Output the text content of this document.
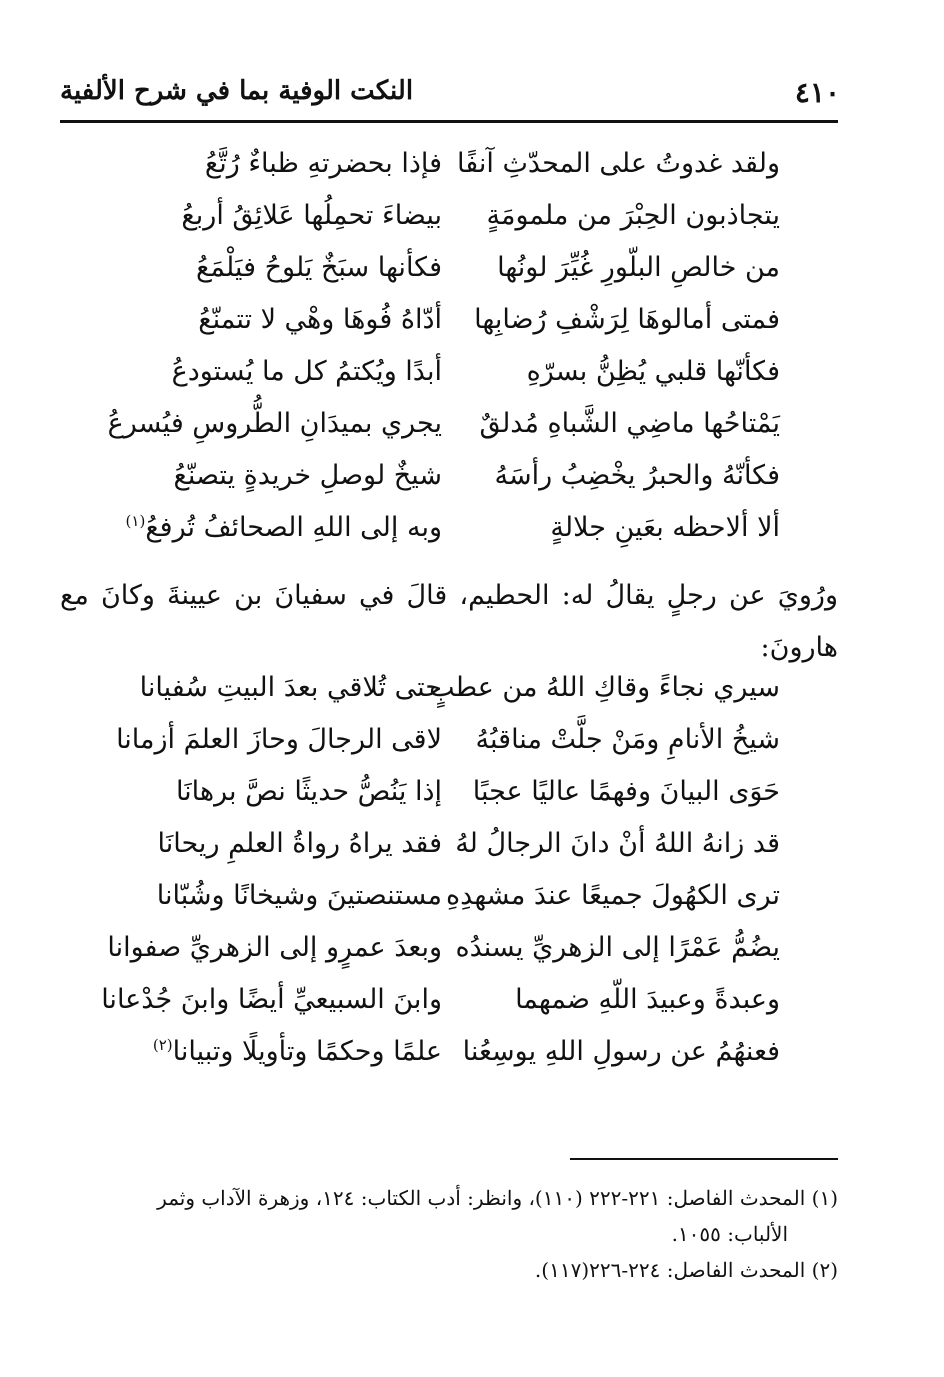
٤١٠
النكت الوفية بما في شرح الألفية
ولقد غدوتُ على المحدّثِ آنفًا
فإذا بحضرتهِ ظباءٌ رُتَّعُ
يتجاذبون الحِبْرَ من ملمومَةٍ
بيضاءَ تحمِلُها عَلائِقُ أربعُ
من خالصِ البلّورِ غُيِّرَ لونُها
فكأنها سبَخٌ يَلوحُ فيَلْمَعُ
فمتى أمالوهَا لِرَشْفِ رُضابِها
أدّاهُ فُوهَا وهْي لا تتمنّعُ
فكأنّها قلبي يُظِنُّ بسرّهِ
أبدًا ويُكتمُ كل ما يُستودعُ
يَمْتاحُها ماضِي الشَّباهِ مُدلقٌ
يجري بميدَانِ الطُّروسِ فيُسرعُ
فكأنّهُ والحبرُ يخْضِبُ رأسَهُ
شيخٌ لوصلِ خريدةٍ يتصنّعُ
ألا ألاحظه بعَينِ جلالةٍ
وبه إلى اللهِ الصحائفُ تُرفعُ$^{(١)}$
ورُويَ عن رجلٍ يقالُ له: الحطيم، قالَ في سفيانَ بن عيينةَ وكانَ مع هارونَ:
سيري نجاءً وقاكِ اللهُ من عطبٍ
حتى تُلاقي بعدَ البيتِ سُفيانا
شيخُ الأنامِ ومَنْ جلَّتْ مناقبُهُ
لاقى الرجالَ وحازَ العلمَ أزمانا
حَوَى البيانَ وفهمًا عاليًا عجبًا
إذا يَنُصُّ حديثًا نصَّ برهانَا
قد زانهُ اللهُ أنْ دانَ الرجالُ لهُ
فقد يراهُ رواةُ العلمِ ريحانَا
ترى الكهُولَ جميعًا عندَ مشهدِهِ
مستنصتينَ وشيخانًا وشُبّانا
يضُمُّ عَمْرًا إلى الزهريِّ يسندُه
وبعدَ عمرٍو إلى الزهريِّ صفوانا
وعبدةً وعبيدَ اللّهِ ضمهما
وابنَ السبيعيِّ أيضًا وابنَ جُدْعانا
فعنهُمُ عن رسولِ اللهِ يوسِعُنا
علمًا وحكمًا وتأويلًا وتبيانا$^{(٢)}$
(١) المحدث الفاصل: ٢٢١-٢٢٢ (١١٠)، وانظر: أدب الكتاب: ١٢٤، وزهرة الآداب وثمر
الألباب: ١٠٥٥.
(٢) المحدث الفاصل: ٢٢٤-٢٢٦(١١٧).
